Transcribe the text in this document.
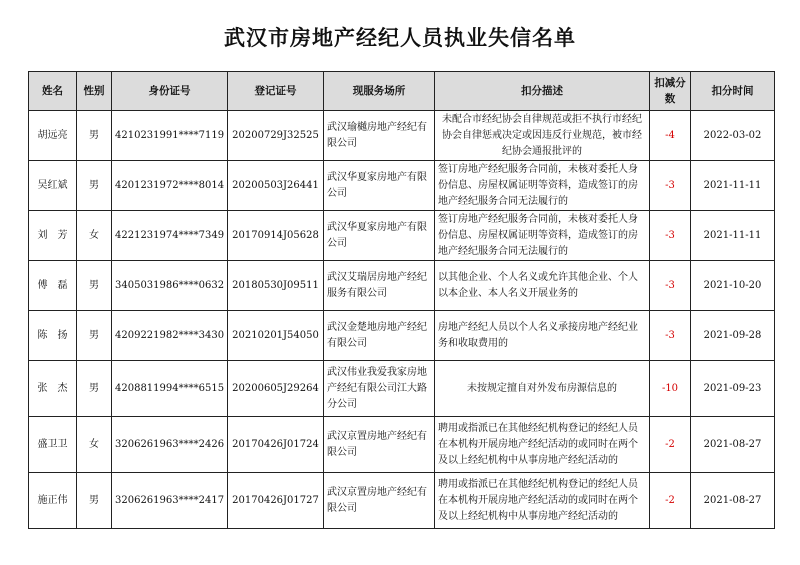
武汉市房地产经纪人员执业失信名单
姓名	性别	身份证号	登记证号	现服务场所	扣分描述	扣减分数	扣分时间
胡远亮	男	4210231991****7119	20200729J32525	武汉瑜樾房地产经纪有限公司	未配合市经纪协会自律规范或拒不执行市经纪协会自律惩戒决定或因违反行业规范，被市经纪协会通报批评的	-4	2022-03-02
吴红斌	男	4201231972****8014	20200503J26441	武汉华夏家房地产有限公司	签订房地产经纪服务合同前，未核对委托人身份信息、房屋权属证明等资料，造成签订的房地产经纪服务合同无法履行的	-3	2021-11-11
刘　芳	女	4221231974****7349	20170914J05628	武汉华夏家房地产有限公司	签订房地产经纪服务合同前，未核对委托人身份信息、房屋权属证明等资料，造成签订的房地产经纪服务合同无法履行的	-3	2021-11-11
傅　磊	男	3405031986****0632	20180530J09511	武汉艾瑞居房地产经纪服务有限公司	以其他企业、个人名义或允许其他企业、个人以本企业、本人名义开展业务的	-3	2021-10-20
陈　扬	男	4209221982****3430	20210201J54050	武汉金楚地房地产经纪有限公司	房地产经纪人员以个人名义承接房地产经纪业务和收取费用的	-3	2021-09-28
张　杰	男	4208811994****6515	20200605J29264	武汉伟业我爱我家房地产经纪有限公司江大路分公司	未按规定擅自对外发布房源信息的	-10	2021-09-23
盛卫卫	女	3206261963****2426	20170426J01724	武汉京置房地产经纪有限公司	聘用或指派已在其他经纪机构登记的经纪人员在本机构开展房地产经纪活动的或同时在两个及以上经纪机构中从事房地产经纪活动的	-2	2021-08-27
施正伟	男	3206261963****2417	20170426J01727	武汉京置房地产经纪有限公司	聘用或指派已在其他经纪机构登记的经纪人员在本机构开展房地产经纪活动的或同时在两个及以上经纪机构中从事房地产经纪活动的	-2	2021-08-27
